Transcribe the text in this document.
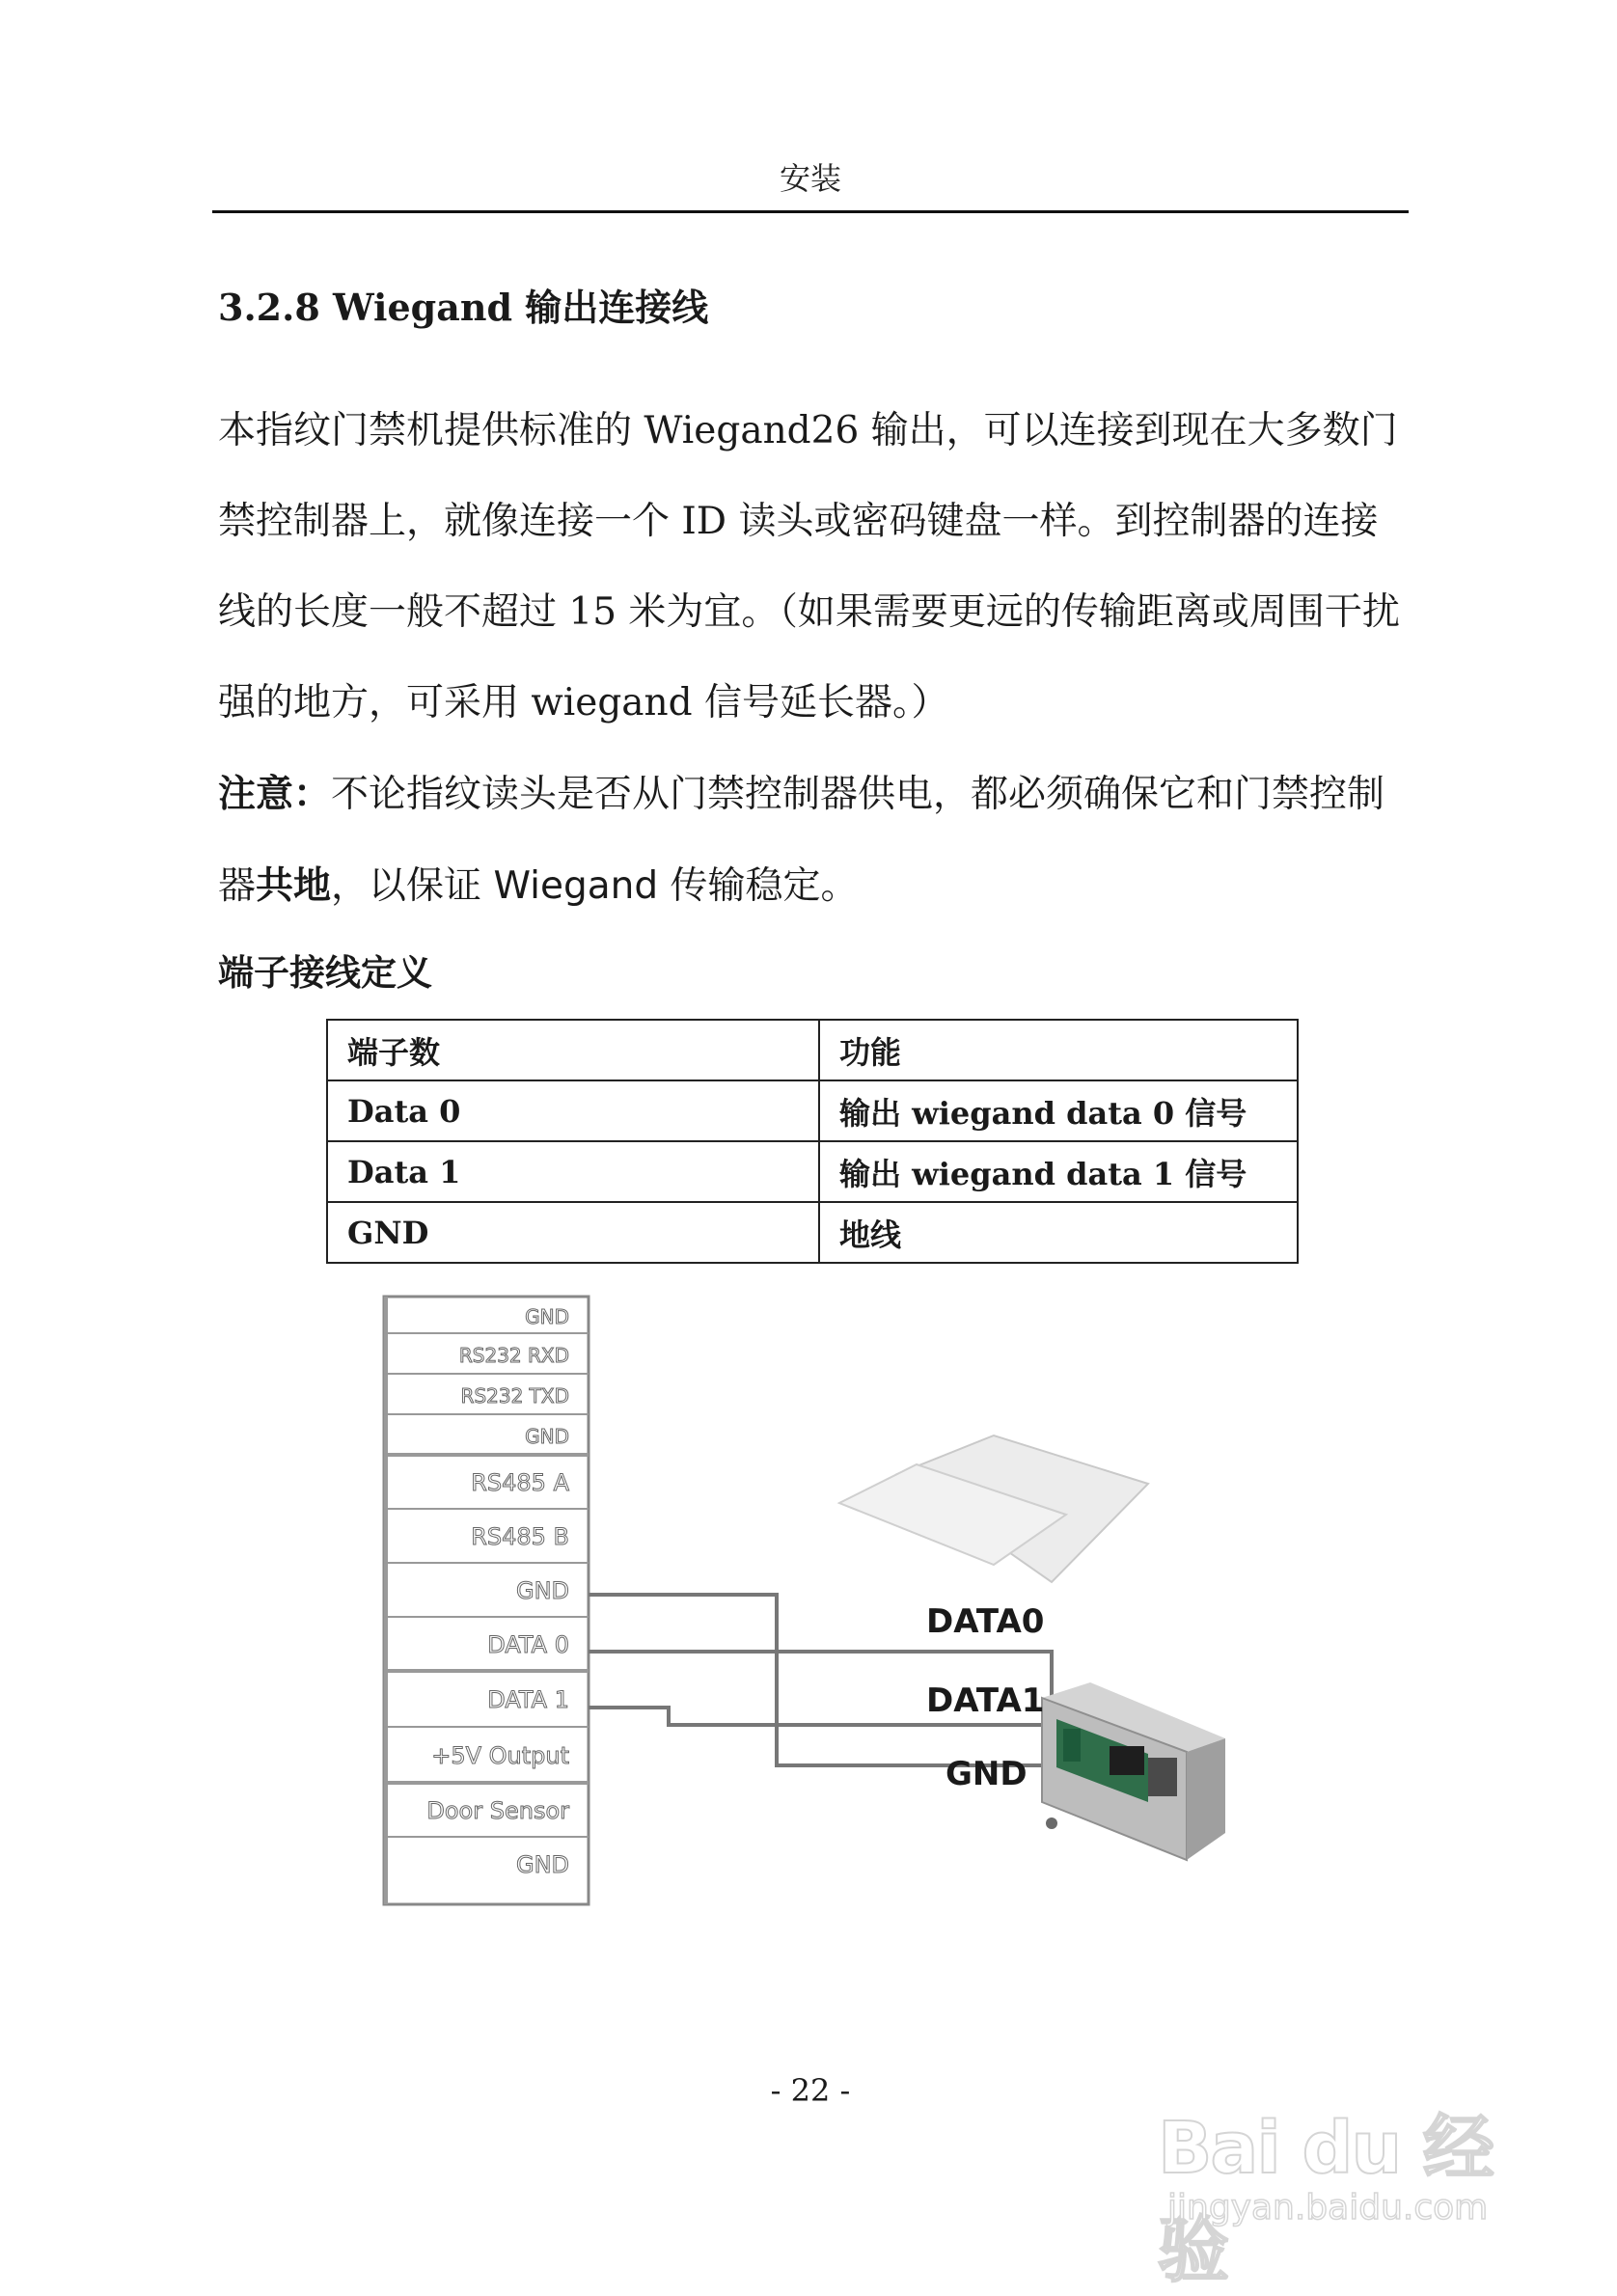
安装
3.2.8 Wiegand 输出连接线

本指纹门禁机提供标准的 Wiegand26 输出，可以连接到现在大多数门禁控制器上，就像连接一个 ID 读头或密码键盘一样。到控制器的连接线的长度一般不超过 15 米为宜。（如果需要更远的传输距离或周围干扰强的地方，可采用 wiegand 信号延长器。）

注意：不论指纹读头是否从门禁控制器供电，都必须确保它和门禁控制器共地，以保证 Wiegand 传输稳定。

端子接线定义
端子数	功能
Data 0	输出 wiegand data 0 信号
Data 1	输出 wiegand data 1 信号
GND	地线
GND
RS232 RXD
RS232 TXD
GND
RS485 A
RS485 B
GND
DATA 0
DATA 1
+5V Output
Door Sensor
GND
DATA0
DATA1
GND
- 22 -
Bai du 经验
jingyan.baidu.com
